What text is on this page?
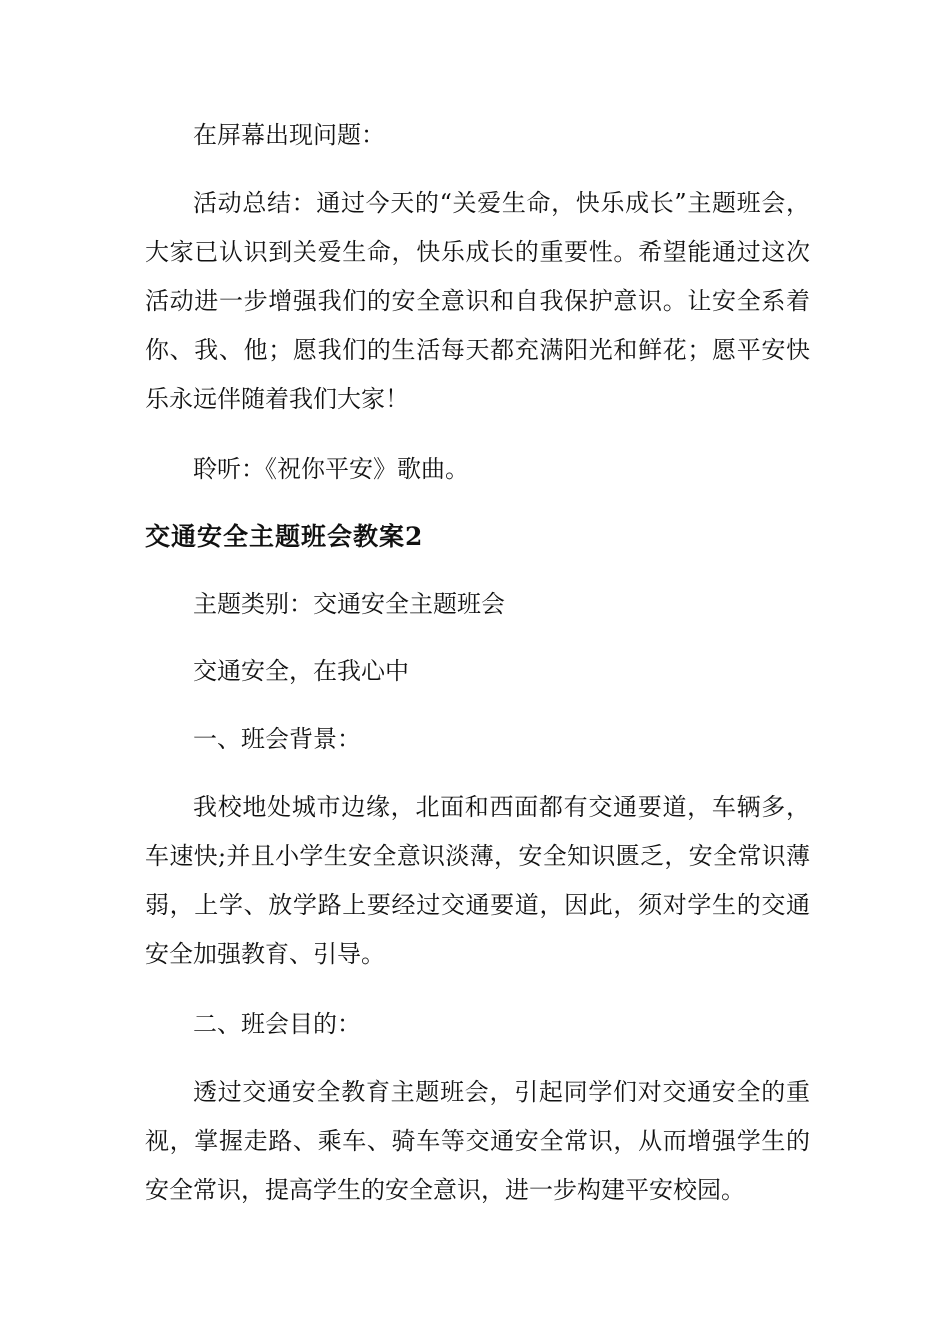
在屏幕出现问题：

活动总结：通过今天的“关爱生命，快乐成长”主题班会，大家已认识到关爱生命，快乐成长的重要性。希望能通过这次活动进一步增强我们的安全意识和自我保护意识。让安全系着你、我、他；愿我们的生活每天都充满阳光和鲜花；愿平安快乐永远伴随着我们大家！

聆听：《祝你平安》歌曲。

交通安全主题班会教案2

主题类别：交通安全主题班会

交通安全，在我心中

一、班会背景：

我校地处城市边缘，北面和西面都有交通要道，车辆多，车速快;并且小学生安全意识淡薄，安全知识匮乏，安全常识薄弱，上学、放学路上要经过交通要道，因此，须对学生的交通安全加强教育、引导。

二、班会目的：

透过交通安全教育主题班会，引起同学们对交通安全的重视，掌握走路、乘车、骑车等交通安全常识，从而增强学生的安全常识，提高学生的安全意识，进一步构建平安校园。
